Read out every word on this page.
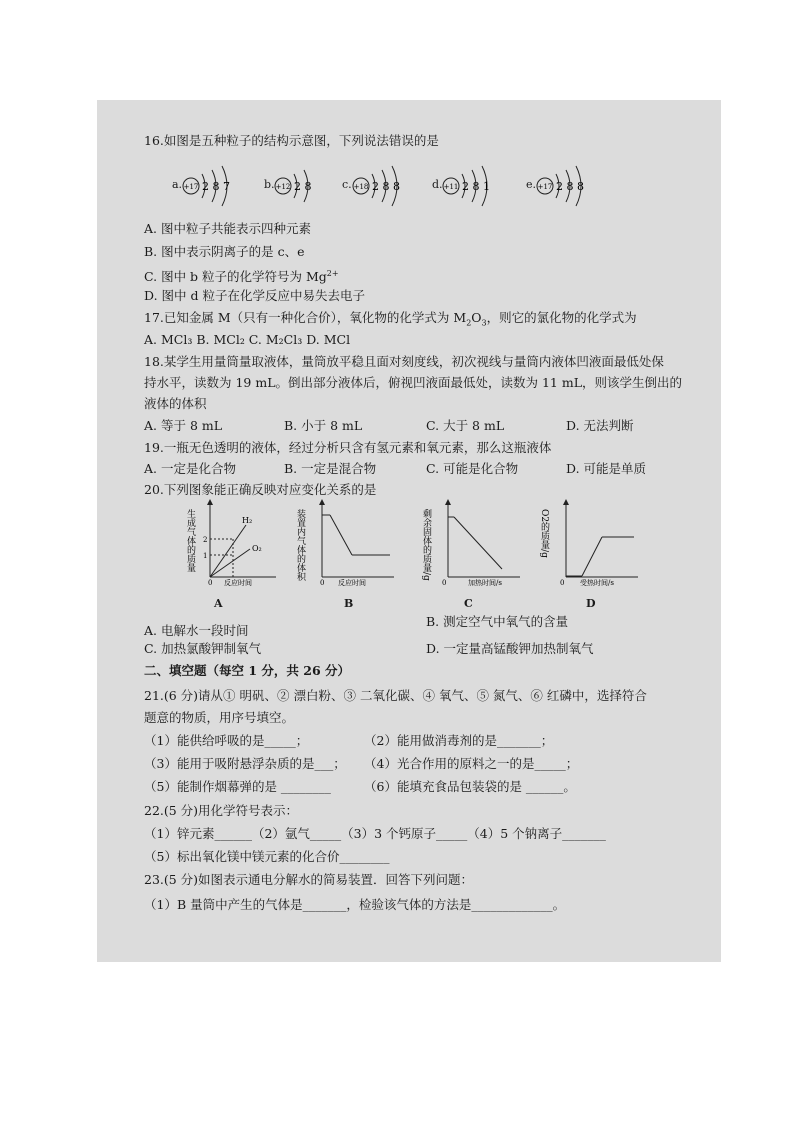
16.如图是五种粒子的结构示意图，下列说法错误的是
a. +17 2 8 7	b. +12 2 8	c. +18 2 8 8	d. +11 2 8 1	e. +17 2 8 8
A. 图中粒子共能表示四种元素
B. 图中表示阴离子的是 c、e
C. 图中 b 粒子的化学符号为 $Mg^{2+}$
D. 图中 d 粒子在化学反应中易失去电子
17.已知金属 M（只有一种化合价），氧化物的化学式为 $M_2O_3$，则它的氯化物的化学式为
A. MCl₃ B. MCl₂ C. M₂Cl₃ D. MCl
18.某学生用量筒量取液体，量筒放平稳且面对刻度线，初次视线与量筒内液体凹液面最低处保
持水平，读数为 19 mL。倒出部分液体后，俯视凹液面最低处，读数为 11 mL，则该学生倒出的
液体的体积
A. 等于 8 mL	B. 小于 8 mL	C. 大于 8 mL	D. 无法判断
19.一瓶无色透明的液体，经过分析只含有氢元素和氧元素，那么这瓶液体
A. 一定是化合物	B. 一定是混合物	C. 可能是化合物	D. 可能是单质
20.下列图象能正确反映对应变化关系的是
生成气体的质量 2
1
H₂
O₂
0 反应时间
A
装置内气体的体积
0 反应时间
B
剩余固体的质量/g
0	加热时间/s
C
O2的质量/g
0 受热时间/s
D
A. 电解水一段时间
B. 测定空气中氧气的含量
C. 加热氯酸钾制氧气	D. 一定量高锰酸钾加热制氧气
二、填空题（每空 1 分，共 26 分）
21.(6 分)请从① 明矾、② 漂白粉、③ 二氧化碳、④ 氧气、⑤ 氮气、⑥ 红磷中，选择符合
题意的物质，用序号填空。
（1）能供给呼吸的是_____；	（2）能用做消毒剂的是_______；
（3）能用于吸附悬浮杂质的是___； （4）光合作用的原料之一的是_____；
（5）能制作烟幕弹的是 ________	（6）能填充食品包装袋的是 ______。
22.(5 分)用化学符号表示：
（1）锌元素______（2）氩气_____（3）3 个钙原子_____（4）5 个钠离子_______
（5）标出氧化镁中镁元素的化合价________
23.(5 分)如图表示通电分解水的简易装置．回答下列问题：
（1）B 量筒中产生的气体是_______，检验该气体的方法是_____________。
